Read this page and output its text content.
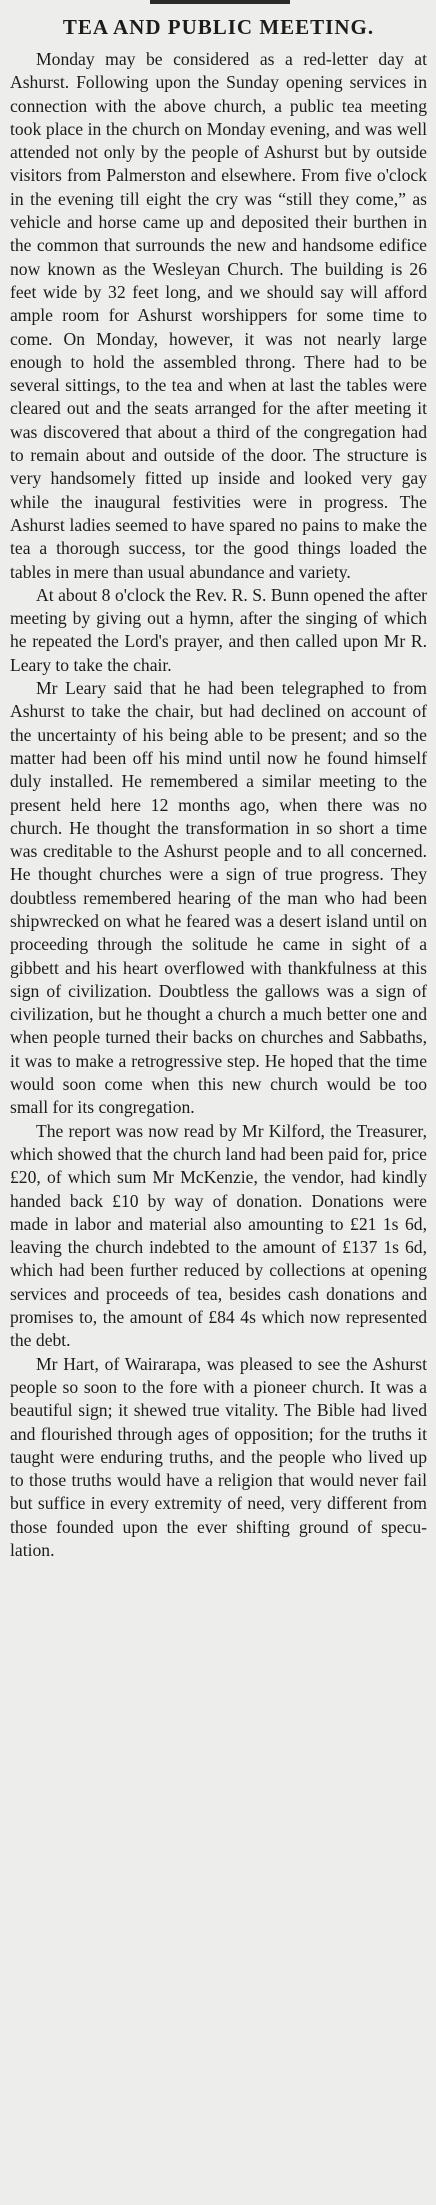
TEA AND PUBLIC MEETING.

Monday may be considered as a red-letter day at Ashurst. Following upon the Sunday opening services in connection with the above church, a public tea meeting took place in the church on Monday evening, and was well attended not only by the people of Ashurst but by outside visitors from Palmerston and elsewhere. From five o'clock in the evening till eight the cry was “still they come,” as vehicle and horse came up and deposited their burthen in the common that surrounds the new and handsome edifice now known as the Wesleyan Church. The building is 26 feet wide by 32 feet long, and we should say will afford ample room for Ashurst worshippers for some time to come. On Monday, however, it was not nearly large enough to hold the assembled throng. There had to be several sittings, to the tea and when at last the tables were cleared out and the seats arranged for the after meeting it was discovered that about a third of the congregation had to remain about and outside of the door. The structure is very handsomely fitted up inside and looked very gay while the inaugural festivities were in progress. The Ashurst ladies seemed to have spared no pains to make the tea a thorough success, tor the good things loaded the tables in mere than usual abundance and variety.

At about 8 o'clock the Rev. R. S. Bunn opened the after meeting by giving out a hymn, after the singing of which he repeated the Lord's prayer, and then called upon Mr R. Leary to take the chair.

Mr Leary said that he had been telegraphed to from Ashurst to take the chair, but had declined on account of the uncertainty of his being able to be present; and so the matter had been off his mind until now he found himself duly installed. He remembered a similar meeting to the present held here 12 months ago, when there was no church. He thought the transformation in so short a time was creditable to the Ashurst people and to all concerned. He thought churches were a sign of true progress. They doubtless remembered hearing of the man who had been shipwrecked on what he feared was a desert island until on proceeding through the solitude he came in sight of a gibbett and his heart overflowed with thankfulness at this sign of civilization. Doubtless the gallows was a sign of civilization, but he thought a church a much better one and when people turned their backs on churches and Sabbaths, it was to make a retrogressive step. He hoped that the time would soon come when this new church would be too small for its congregation.

The report was now read by Mr Kilford, the Treasurer, which showed that the church land had been paid for, price £20, of which sum Mr McKenzie, the vendor, had kindly handed back £10 by way of donation. Donations were made in labor and material also amounting to £21 1s 6d, leaving the church indebted to the amount of £137 1s 6d, which had been further reduced by collections at opening services and proceeds of tea, besides cash donations and promises to, the amount of £84 4s which now represented the debt.

Mr Hart, of Wairarapa, was pleased to see the Ashurst people so soon to the fore with a pioneer church. It was a beautiful sign; it shewed true vitality. The Bible had lived and flourished through ages of opposition; for the truths it taught were enduring truths, and the people who lived up to those truths would have a religion that would never fail but suffice in every extremity of need, very different from those founded upon the ever shifting ground of specu-lation.
